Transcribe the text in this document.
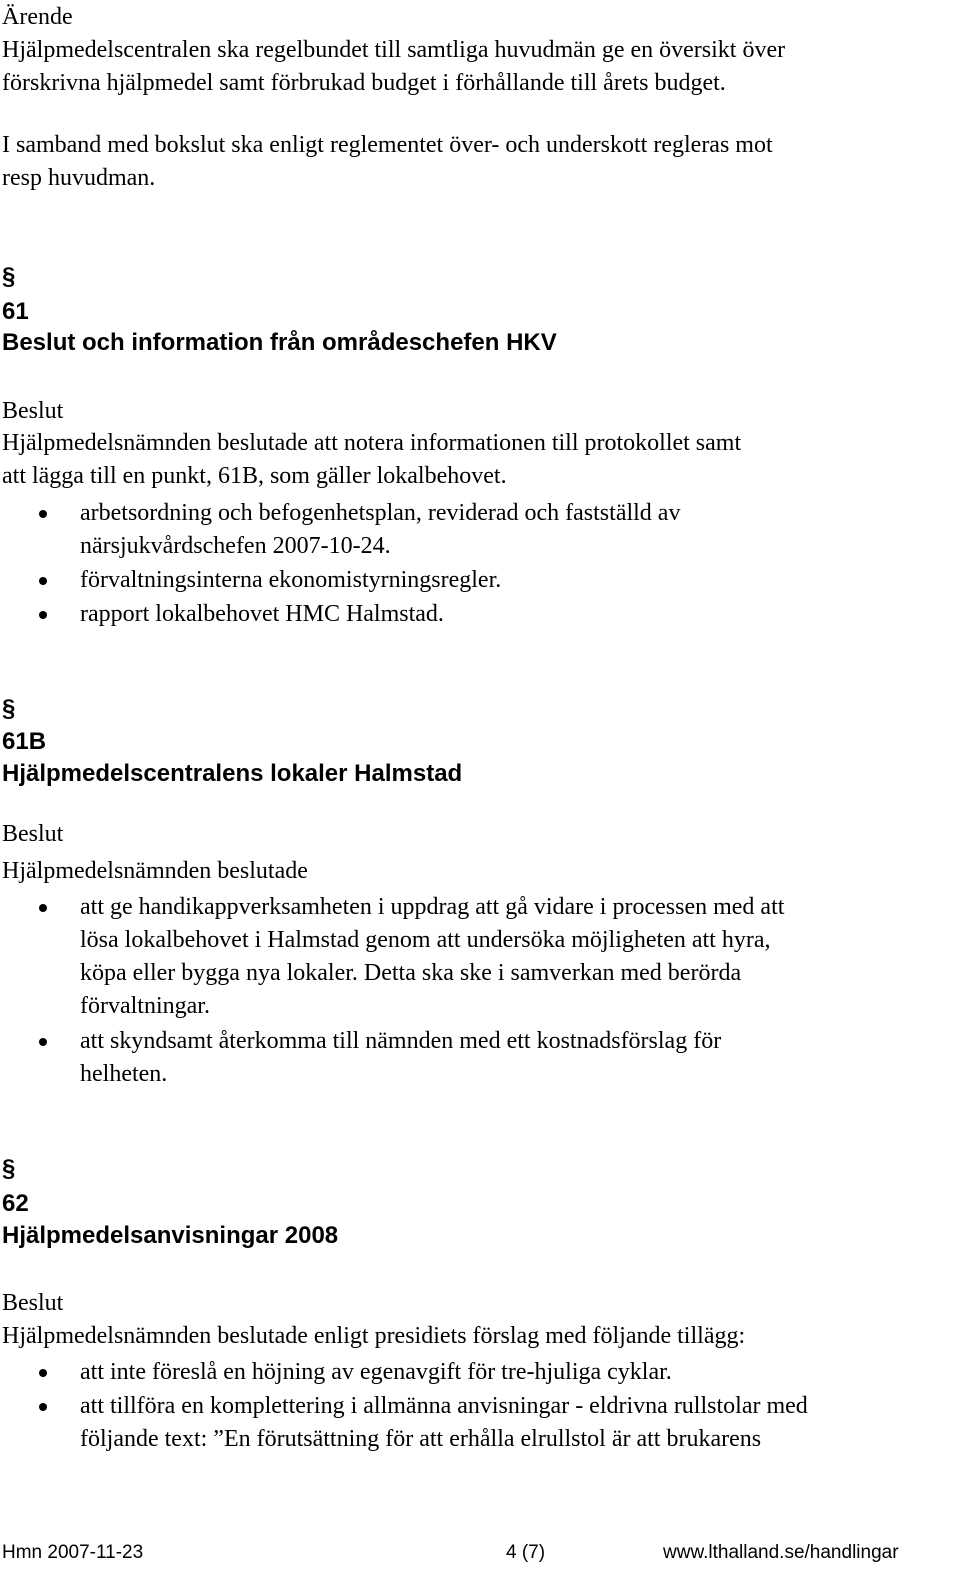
Ärende
Hjälpmedelscentralen ska regelbundet till samtliga huvudmän ge en översikt över
förskrivna hjälpmedel samt förbrukad budget i förhållande till årets budget.
I samband med bokslut ska enligt reglementet över- och underskott regleras mot
resp huvudman.
§
61
Beslut och information från områdeschefen HKV
Beslut
Hjälpmedelsnämnden beslutade att notera informationen till protokollet samt
att lägga till en punkt, 61B, som gäller lokalbehovet.
arbetsordning och befogenhetsplan, reviderad och fastställd av
närsjukvårdschefen 2007-10-24.
förvaltningsinterna ekonomistyrningsregler.
rapport lokalbehovet HMC Halmstad.
§
61B
Hjälpmedelscentralens lokaler Halmstad
Beslut
Hjälpmedelsnämnden beslutade
att ge handikappverksamheten i uppdrag att gå vidare i processen med att
lösa lokalbehovet i Halmstad genom att undersöka möjligheten att hyra,
köpa eller bygga nya lokaler. Detta ska ske i samverkan med berörda
förvaltningar.
att skyndsamt återkomma till nämnden med ett kostnadsförslag för
helheten.
§
62
Hjälpmedelsanvisningar 2008
Beslut
Hjälpmedelsnämnden beslutade enligt presidiets förslag med följande tillägg:
att inte föreslå en höjning av egenavgift för tre-hjuliga cyklar.
att tillföra en komplettering i allmänna anvisningar - eldrivna rullstolar med
följande text: ”En förutsättning för att erhålla elrullstol är att brukarens
Hmn 2007-11-23	4 (7)	www.lthalland.se/handlingar
